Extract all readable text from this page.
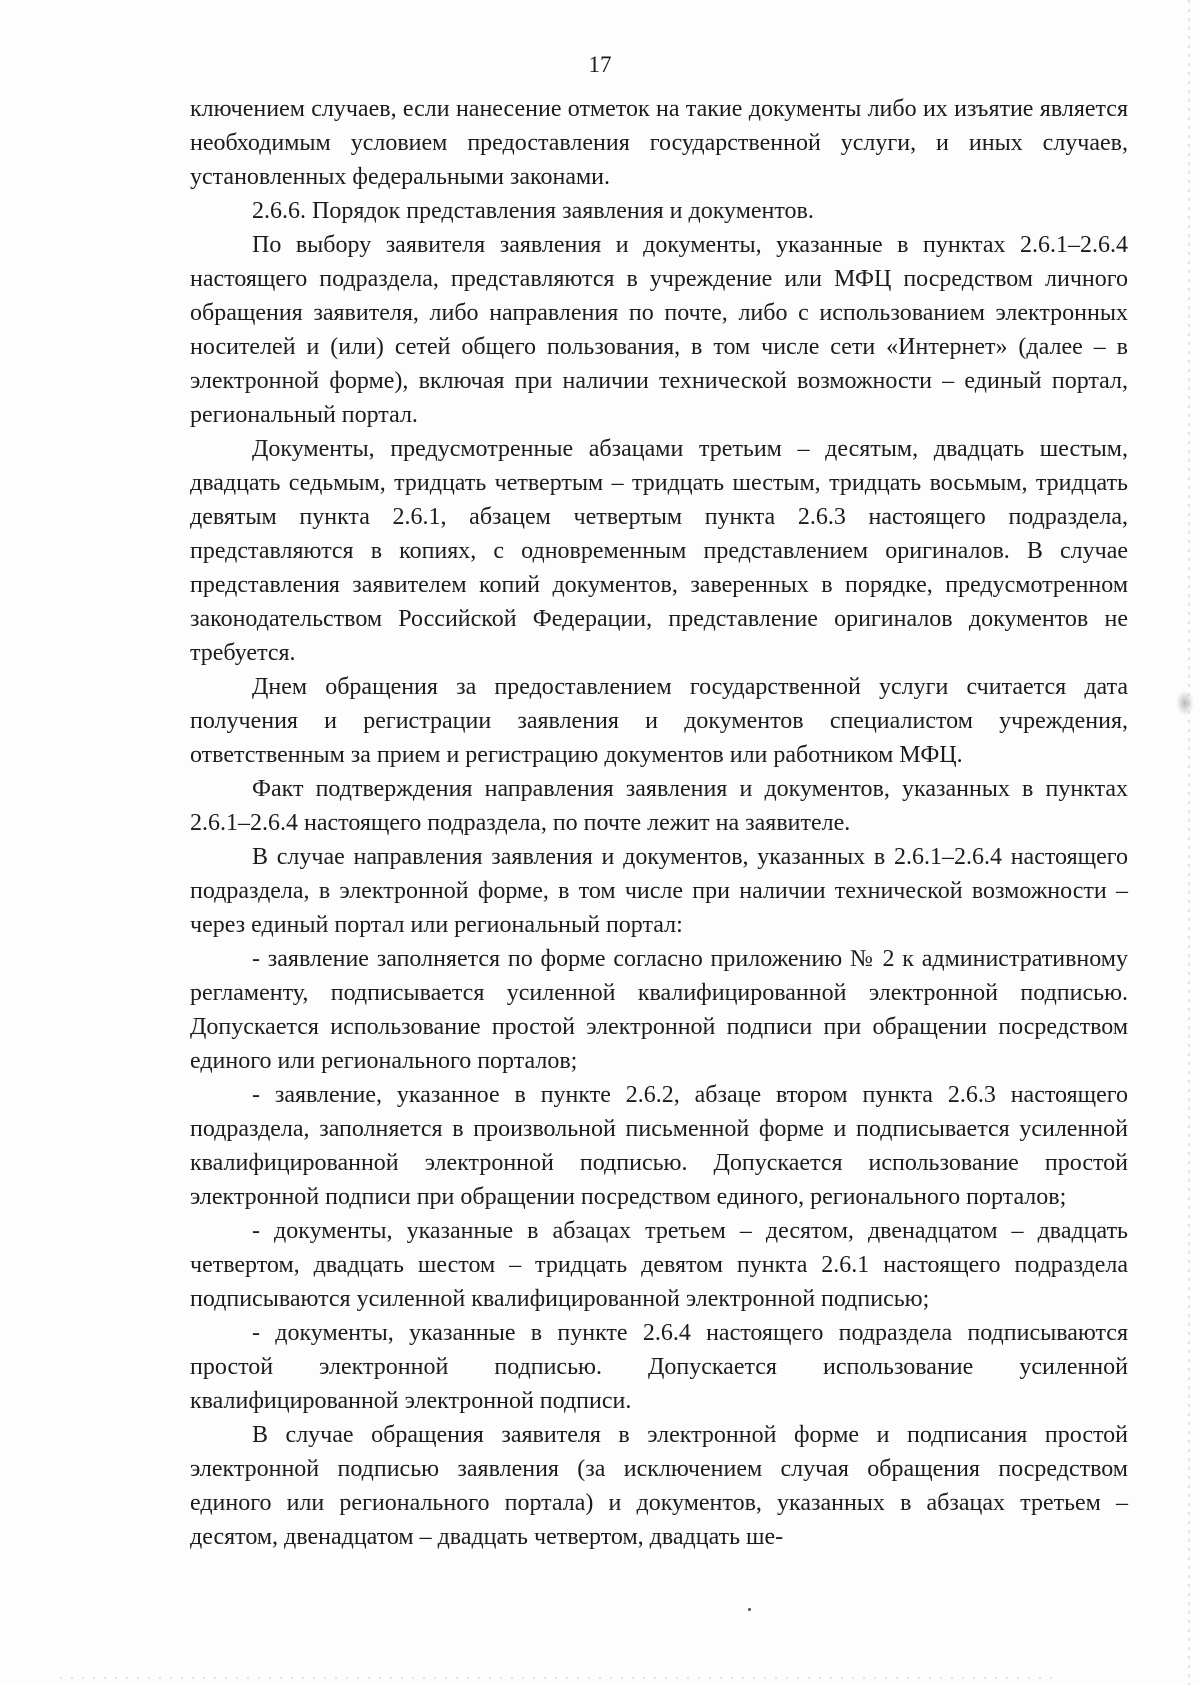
17

ключением случаев, если нанесение отметок на такие документы либо их изъятие является необходимым условием предоставления государственной услуги, и иных случаев, установленных федеральными законами.

2.6.6. Порядок представления заявления и документов.

По выбору заявителя заявления и документы, указанные в пунктах 2.6.1–2.6.4 настоящего подраздела, представляются в учреждение или МФЦ посредством личного обращения заявителя, либо направления по почте, либо с использованием электронных носителей и (или) сетей общего пользования, в том числе сети «Интернет» (далее – в электронной форме), включая при наличии технической возможности – единый портал, региональный портал.

Документы, предусмотренные абзацами третьим – десятым, двадцать шестым, двадцать седьмым, тридцать четвертым – тридцать шестым, тридцать восьмым, тридцать девятым пункта 2.6.1, абзацем четвертым пункта 2.6.3 настоящего подраздела, представляются в копиях, с одновременным представлением оригиналов. В случае представления заявителем копий документов, заверенных в порядке, предусмотренном законодательством Российской Федерации, представление оригиналов документов не требуется.

Днем обращения за предоставлением государственной услуги считается дата получения и регистрации заявления и документов специалистом учреждения, ответственным за прием и регистрацию документов или работником МФЦ.

Факт подтверждения направления заявления и документов, указанных в пунктах 2.6.1–2.6.4 настоящего подраздела, по почте лежит на заявителе.

В случае направления заявления и документов, указанных в 2.6.1–2.6.4 настоящего подраздела, в электронной форме, в том числе при наличии технической возможности – через единый портал или региональный портал:

- заявление заполняется по форме согласно приложению № 2 к административному регламенту, подписывается усиленной квалифицированной электронной подписью. Допускается использование простой электронной подписи при обращении посредством единого или регионального порталов;

- заявление, указанное в пункте 2.6.2, абзаце втором пункта 2.6.3 настоящего подраздела, заполняется в произвольной письменной форме и подписывается усиленной квалифицированной электронной подписью. Допускается использование простой электронной подписи при обращении посредством единого, регионального порталов;

- документы, указанные в абзацах третьем – десятом, двенадцатом – двадцать четвертом, двадцать шестом – тридцать девятом пункта 2.6.1 настоящего подраздела подписываются усиленной квалифицированной электронной подписью;

- документы, указанные в пункте 2.6.4 настоящего подраздела подписываются простой электронной подписью. Допускается использование усиленной квалифицированной электронной подписи.

В случае обращения заявителя в электронной форме и подписания простой электронной подписью заявления (за исключением случая обращения посредством единого или регионального портала) и документов, указанных в абзацах третьем – десятом, двенадцатом – двадцать четвертом, двадцать ше-
